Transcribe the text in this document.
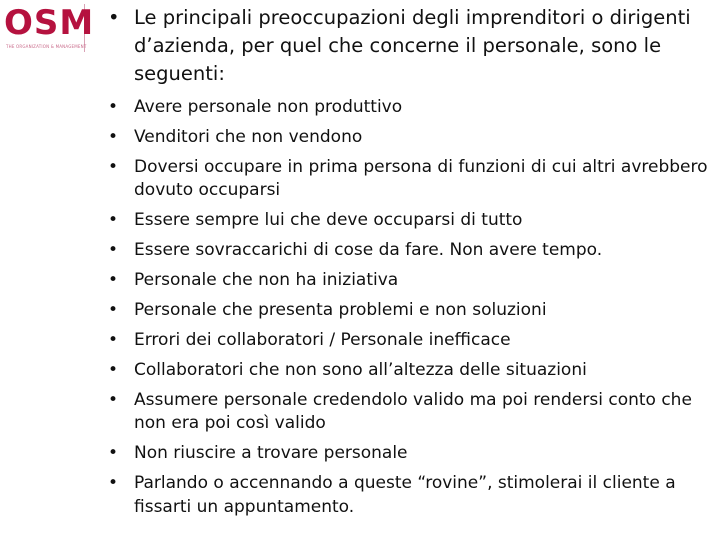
OSM
THE ORGANIZATION & MANAGEMENT
• Le principali preoccupazioni degli imprenditori o dirigenti d’azienda, per quel che concerne il personale, sono le seguenti:
• Avere personale non produttivo
• Venditori che non vendono
• Doversi occupare in prima persona di funzioni di cui altri avrebbero dovuto occuparsi
• Essere sempre lui che deve occuparsi di tutto
• Essere sovraccarichi di cose da fare. Non avere tempo.
• Personale che non ha iniziativa
• Personale che presenta problemi e non soluzioni
• Errori dei collaboratori / Personale inefficace
• Collaboratori che non sono all’altezza delle situazioni
• Assumere personale credendolo valido ma poi rendersi conto che non era poi così valido
• Non riuscire a trovare personale
• Parlando o accennando a queste “rovine”, stimolerai il cliente a fissarti un appuntamento.
